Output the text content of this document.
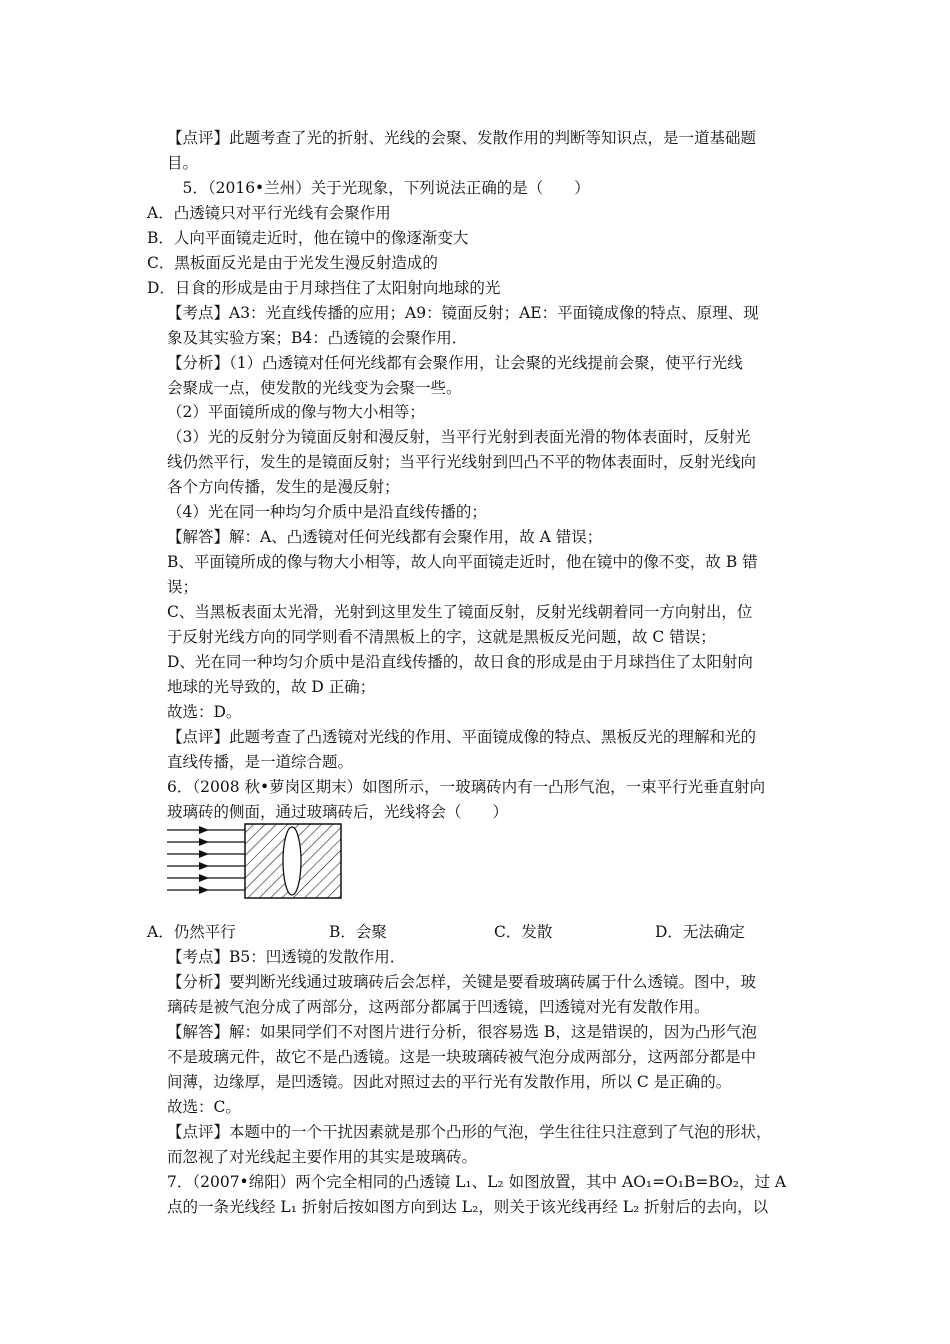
【点评】此题考查了光的折射、光线的会聚、发散作用的判断等知识点，是一道基础题
目。
　5．（2016•兰州）关于光现象，下列说法正确的是（　　）
A．凸透镜只对平行光线有会聚作用
B．人向平面镜走近时，他在镜中的像逐渐变大
C．黑板面反光是由于光发生漫反射造成的
D．日食的形成是由于月球挡住了太阳射向地球的光
【考点】A3：光直线传播的应用；A9：镜面反射；AE：平面镜成像的特点、原理、现
象及其实验方案；B4：凸透镜的会聚作用．
【分析】（1）凸透镜对任何光线都有会聚作用，让会聚的光线提前会聚，使平行光线
会聚成一点，使发散的光线变为会聚一些。
（2）平面镜所成的像与物大小相等；
（3）光的反射分为镜面反射和漫反射，当平行光射到表面光滑的物体表面时，反射光
线仍然平行，发生的是镜面反射；当平行光线射到凹凸不平的物体表面时，反射光线向
各个方向传播，发生的是漫反射；
（4）光在同一种均匀介质中是沿直线传播的；
【解答】解：A、凸透镜对任何光线都有会聚作用，故 A 错误；
B、平面镜所成的像与物大小相等，故人向平面镜走近时，他在镜中的像不变，故 B 错
误；
C、当黑板表面太光滑，光射到这里发生了镜面反射，反射光线朝着同一方向射出，位
于反射光线方向的同学则看不清黑板上的字，这就是黑板反光问题，故 C 错误；
D、光在同一种均匀介质中是沿直线传播的，故日食的形成是由于月球挡住了太阳射向
地球的光导致的，故 D 正确；
故选：D。
【点评】此题考查了凸透镜对光线的作用、平面镜成像的特点、黑板反光的理解和光的
直线传播，是一道综合题。
6．（2008 秋•萝岗区期末）如图所示，一玻璃砖内有一凸形气泡，一束平行光垂直射向
玻璃砖的侧面，通过玻璃砖后，光线将会（　　）
A．仍然平行	B．会聚	C．发散	D．无法确定
【考点】B5：凹透镜的发散作用．
【分析】要判断光线通过玻璃砖后会怎样，关键是要看玻璃砖属于什么透镜。图中，玻
璃砖是被气泡分成了两部分，这两部分都属于凹透镜，凹透镜对光有发散作用。
【解答】解：如果同学们不对图片进行分析，很容易选 B，这是错误的，因为凸形气泡
不是玻璃元件，故它不是凸透镜。这是一块玻璃砖被气泡分成两部分，这两部分都是中
间薄，边缘厚，是凹透镜。因此对照过去的平行光有发散作用，所以 C 是正确的。
故选：C。
【点评】本题中的一个干扰因素就是那个凸形的气泡，学生往往只注意到了气泡的形状，
而忽视了对光线起主要作用的其实是玻璃砖。
7．（2007•绵阳）两个完全相同的凸透镜 L₁、L₂ 如图放置，其中 AO₁=O₁B=BO₂，过 A
点的一条光线经 L₁ 折射后按如图方向到达 L₂，则关于该光线再经 L₂ 折射后的去向，以
